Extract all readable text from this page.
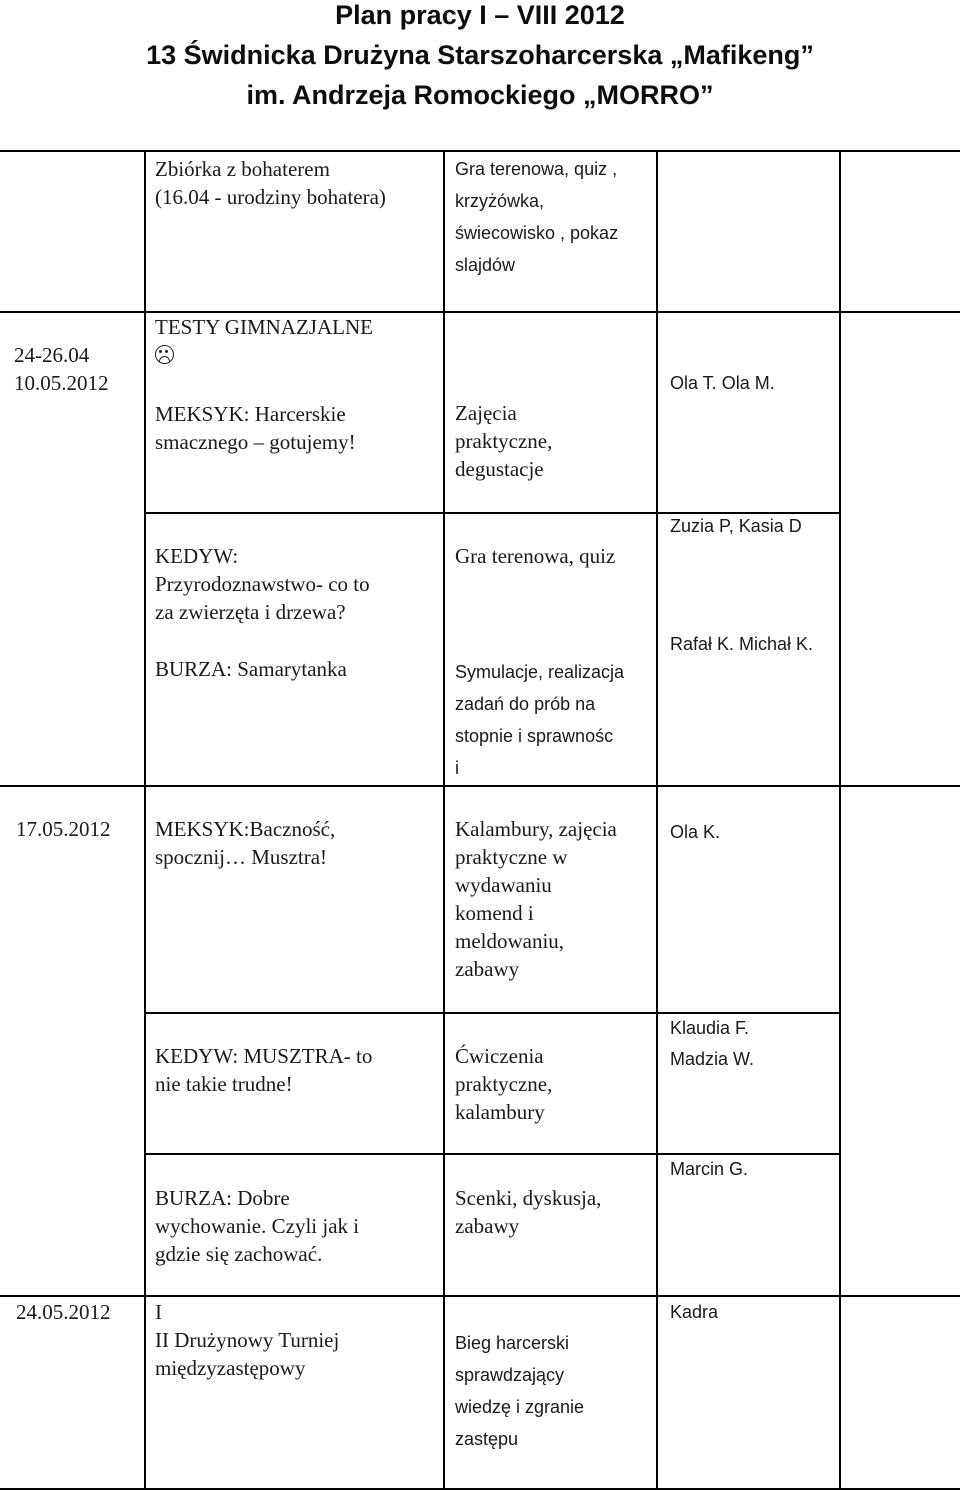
Plan pracy I – VIII 2012
13 Świdnicka Drużyna Starszoharcerska „Mafikeng”
im. Andrzeja Romockiego „MORRO”
Zbiórka z bohaterem
(16.04 - urodziny bohatera)
Gra terenowa, quiz ,
krzyżówka,
świecowisko , pokaz
slajdów
24-26.04
10.05.2012
TESTY GIMNAZJALNE
MEKSYK: Harcerskie
smacznego – gotujemy!
Zajęcia
praktyczne,
degustacje
Ola T. Ola M.
KEDYW:
Przyrodoznawstwo- co to
za zwierzęta i drzewa?
BURZA: Samarytanka
Gra terenowa, quiz
Symulacje, realizacja
zadań do prób na
stopnie i sprawnośc
i
Zuzia P, Kasia D
Rafał K. Michał K.
17.05.2012 MEKSYK:Baczność,
spocznij… Musztra!
Kalambury, zajęcia
praktyczne w
wydawaniu
komend i
meldowaniu,
zabawy
Ola K.
KEDYW: MUSZTRA- to
nie takie trudne!
Ćwiczenia
praktyczne,
kalambury
Klaudia F.
Madzia W.
BURZA: Dobre
wychowanie. Czyli jak i
gdzie się zachować.
Scenki, dyskusja,
zabawy
Marcin G.
24.05.2012 I
II Drużynowy Turniej
międzyzastępowy
Bieg harcerski
sprawdzający
wiedzę i zgranie
zastępu
Kadra
